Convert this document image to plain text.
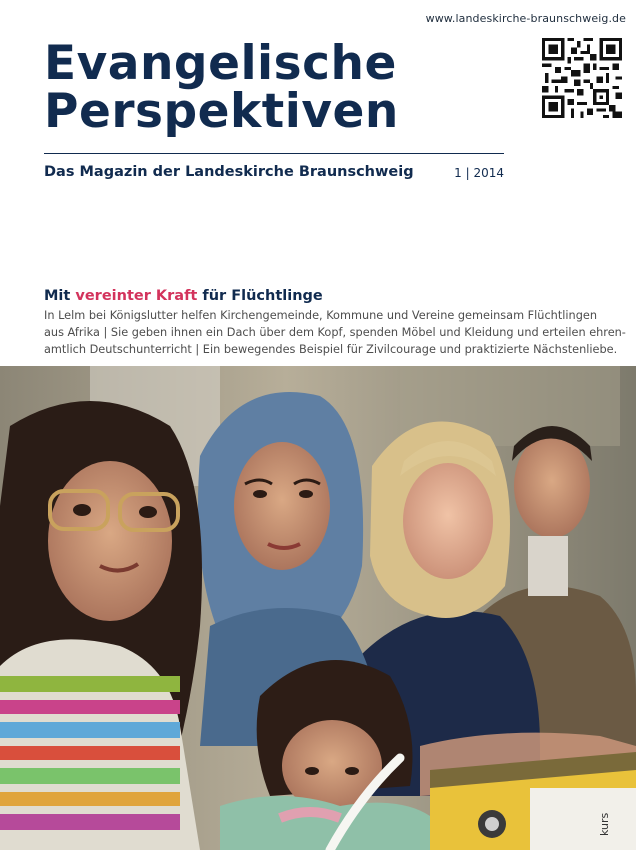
www.landeskirche-braunschweig.de
Evangelische
Perspektiven
Das Magazin der Landeskirche Braunschweig	1 | 2014
Mit vereinter Kraft für Flüchtlinge
In Lelm bei Königslutter helfen Kirchengemeinde, Kommune und Vereine gemeinsam Flüchtlingen
aus Afrika | Sie geben ihnen ein Dach über dem Kopf, spenden Möbel und Kleidung und erteilen ehren-
amtlich Deutschunterricht | Ein bewegendes Beispiel für Zivilcourage und praktizierte Nächstenliebe.
kurs
